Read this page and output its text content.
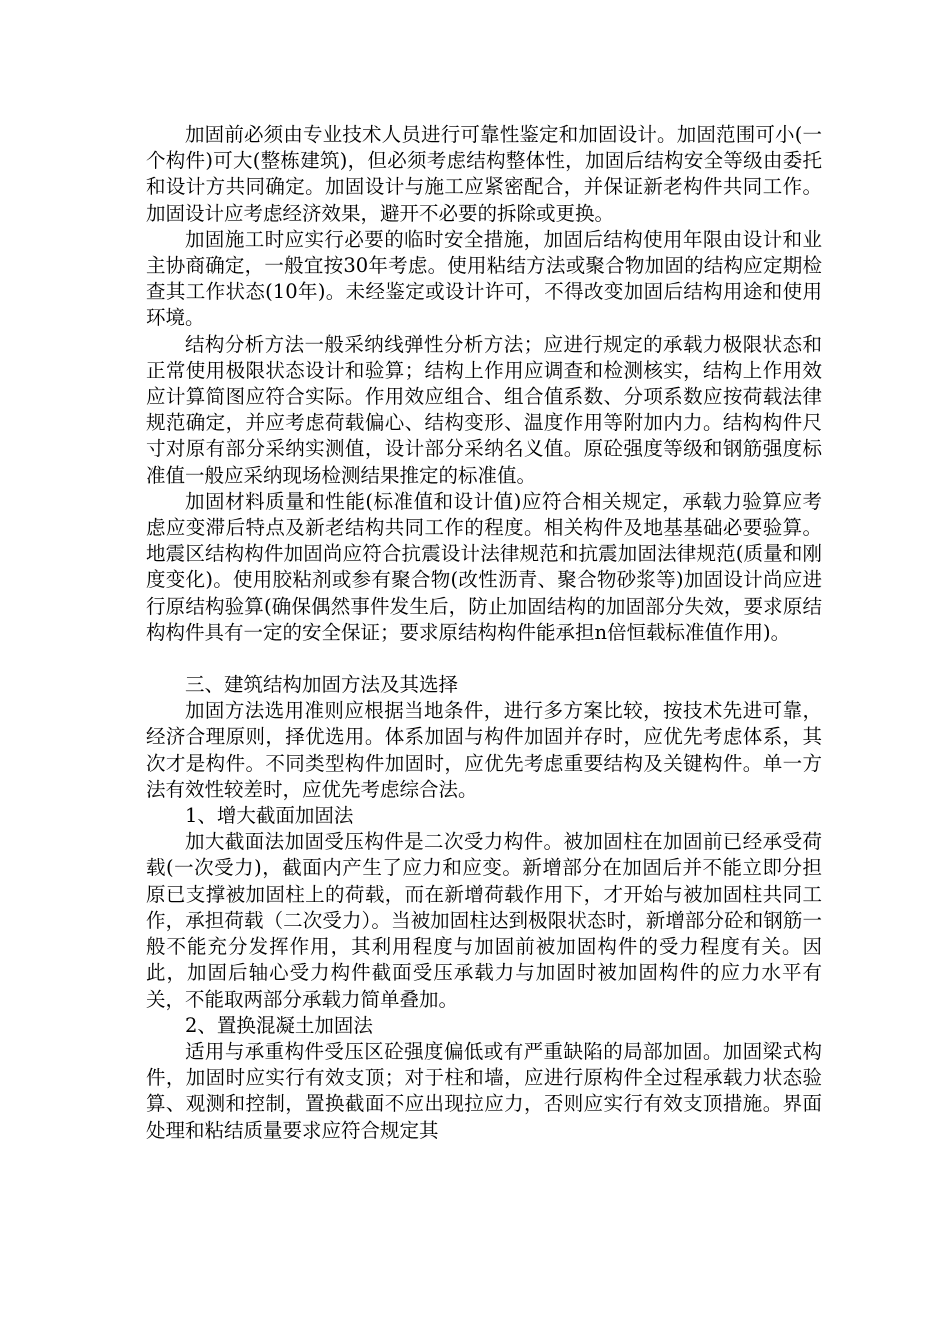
加固前必须由专业技术人员进行可靠性鉴定和加固设计。加固范围可小(一个构件)可大(整栋建筑)，但必须考虑结构整体性，加固后结构安全等级由委托和设计方共同确定。加固设计与施工应紧密配合，并保证新老构件共同工作。加固设计应考虑经济效果，避开不必要的拆除或更换。

加固施工时应实行必要的临时安全措施，加固后结构使用年限由设计和业主协商确定，一般宜按30年考虑。使用粘结方法或聚合物加固的结构应定期检查其工作状态(10年)。未经鉴定或设计许可，不得改变加固后结构用途和使用环境。

结构分析方法一般采纳线弹性分析方法；应进行规定的承载力极限状态和正常使用极限状态设计和验算；结构上作用应调查和检测核实，结构上作用效应计算简图应符合实际。作用效应组合、组合值系数、分项系数应按荷载法律规范确定，并应考虑荷载偏心、结构变形、温度作用等附加内力。结构构件尺寸对原有部分采纳实测值，设计部分采纳名义值。原砼强度等级和钢筋强度标准值一般应采纳现场检测结果推定的标准值。

加固材料质量和性能(标准值和设计值)应符合相关规定，承载力验算应考虑应变滞后特点及新老结构共同工作的程度。相关构件及地基基础必要验算。地震区结构构件加固尚应符合抗震设计法律规范和抗震加固法律规范(质量和刚度变化)。使用胶粘剂或参有聚合物(改性沥青、聚合物砂浆等)加固设计尚应进行原结构验算(确保偶然事件发生后，防止加固结构的加固部分失效，要求原结构构件具有一定的安全保证；要求原结构构件能承担n倍恒载标准值作用)。

三、建筑结构加固方法及其选择

加固方法选用准则应根据当地条件，进行多方案比较，按技术先进可靠，经济合理原则，择优选用。体系加固与构件加固并存时，应优先考虑体系，其次才是构件。不同类型构件加固时，应优先考虑重要结构及关键构件。单一方法有效性较差时，应优先考虑综合法。

1、增大截面加固法

加大截面法加固受压构件是二次受力构件。被加固柱在加固前已经承受荷载(一次受力)，截面内产生了应力和应变。新增部分在加固后并不能立即分担原已支撑被加固柱上的荷载，而在新增荷载作用下，才开始与被加固柱共同工作，承担荷载（二次受力）。当被加固柱达到极限状态时，新增部分砼和钢筋一般不能充分发挥作用，其利用程度与加固前被加固构件的受力程度有关。因此，加固后轴心受力构件截面受压承载力与加固时被加固构件的应力水平有关，不能取两部分承载力简单叠加。

2、置换混凝土加固法

适用与承重构件受压区砼强度偏低或有严重缺陷的局部加固。加固梁式构件，加固时应实行有效支顶；对于柱和墙，应进行原构件全过程承载力状态验算、观测和控制，置换截面不应出现拉应力，否则应实行有效支顶措施。界面处理和粘结质量要求应符合规定其
